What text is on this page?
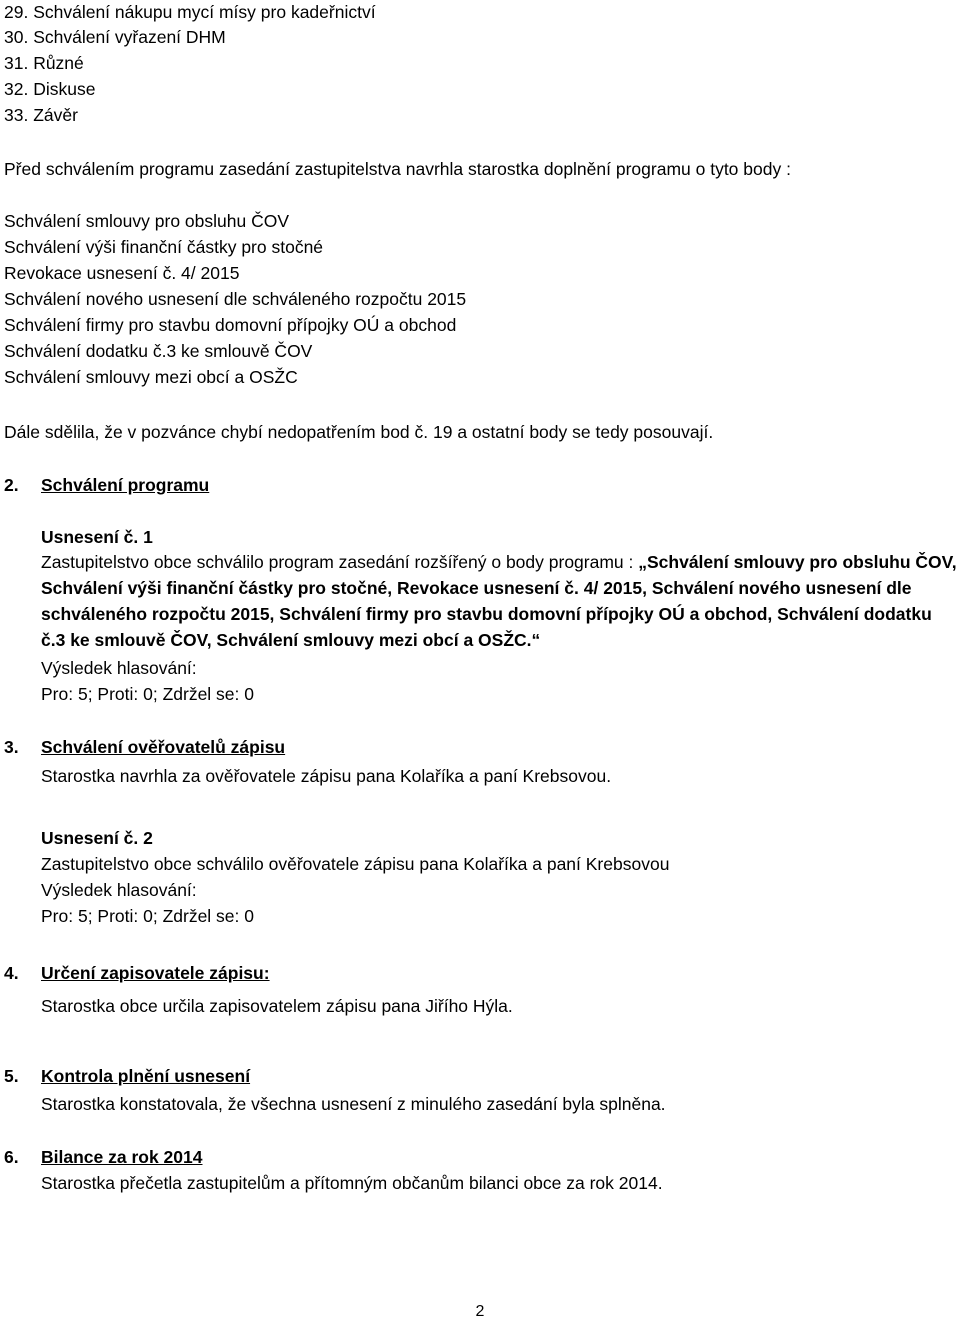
29. Schválení nákupu mycí mísy pro kadeřnictví
30. Schválení vyřazení DHM
31. Různé
32. Diskuse
33. Závěr
Před schválením programu zasedání zastupitelstva navrhla starostka doplnění programu o tyto body :
Schválení smlouvy pro obsluhu ČOV
Schválení výši finanční částky pro stočné
Revokace usnesení č. 4/ 2015
Schválení nového usnesení dle schváleného rozpočtu 2015
Schválení firmy pro stavbu domovní přípojky OÚ a obchod
Schválení dodatku č.3 ke smlouvě ČOV
Schválení smlouvy mezi obcí a OSŽC
Dále sdělila, že v pozvánce chybí nedopatřením bod č. 19 a ostatní body se tedy posouvají.
2. Schválení programu
Usnesení č. 1
Zastupitelstvo obce schválilo program zasedání rozšířený o body programu : „Schválení smlouvy pro obsluhu ČOV, Schválení výši finanční částky pro stočné, Revokace usnesení č. 4/ 2015, Schválení nového usnesení dle schváleného rozpočtu 2015, Schválení firmy pro stavbu domovní přípojky OÚ a obchod, Schválení dodatku č.3 ke smlouvě ČOV, Schválení smlouvy mezi obcí a OSŽC.“
Výsledek hlasování:
Pro: 5; Proti: 0; Zdržel se: 0
3. Schválení ověřovatelů zápisu
Starostka navrhla za ověřovatele zápisu pana Kolaříka a paní Krebsovou.
Usnesení č. 2
Zastupitelstvo obce schválilo ověřovatele zápisu pana Kolaříka a paní Krebsovou
Výsledek hlasování:
Pro: 5; Proti: 0; Zdržel se: 0
4. Určení zapisovatele zápisu:
Starostka obce určila zapisovatelem zápisu pana Jiřího Hýla.
5. Kontrola plnění usnesení
Starostka konstatovala, že všechna usnesení z minulého zasedání byla splněna.
6. Bilance za rok 2014
Starostka přečetla zastupitelům a přítomným občanům bilanci obce za rok 2014.
2
